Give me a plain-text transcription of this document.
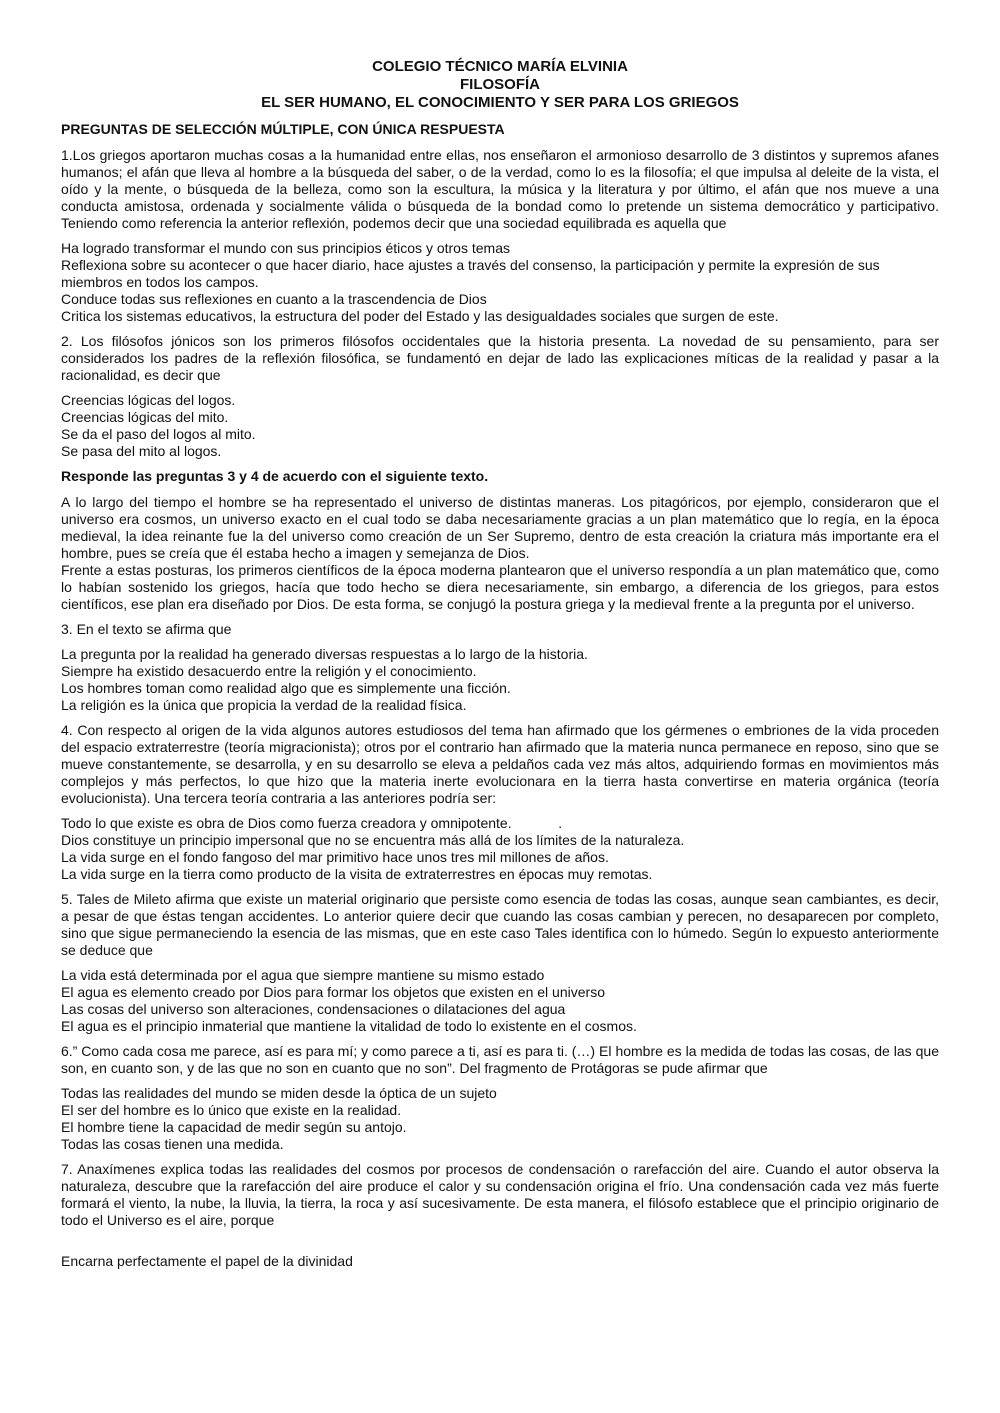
COLEGIO TÉCNICO MARÍA ELVINIA
FILOSOFÍA
EL SER HUMANO, EL CONOCIMIENTO Y SER PARA LOS GRIEGOS
PREGUNTAS DE SELECCIÓN MÚLTIPLE, CON ÚNICA RESPUESTA

1.Los griegos aportaron muchas cosas a la humanidad entre ellas, nos enseñaron el armonioso desarrollo de 3 distintos y supremos afanes humanos; el afán que lleva al hombre a la búsqueda del saber, o de la verdad, como lo es la filosofía; el que impulsa al deleite de la vista, el oído y la mente, o búsqueda de la belleza, como son la escultura, la música y la literatura y por último, el afán que nos mueve a una conducta amistosa, ordenada y socialmente válida o búsqueda de la bondad como lo pretende un sistema democrático y participativo. Teniendo como referencia la anterior reflexión, podemos decir que una sociedad equilibrada es aquella que

Ha logrado transformar el mundo con sus principios éticos y otros temas
Reflexiona sobre su acontecer o que hacer diario, hace ajustes a través del consenso, la participación y permite la expresión de sus miembros en todos los campos.
Conduce todas sus reflexiones en cuanto a la trascendencia de Dios
Critica los sistemas educativos, la estructura del poder del Estado y las desigualdades sociales que surgen de este.

2. Los filósofos jónicos son los primeros filósofos occidentales que la historia presenta. La novedad de su pensamiento, para ser considerados los padres de la reflexión filosófica, se fundamentó en dejar de lado las explicaciones míticas de la realidad y pasar a la racionalidad, es decir que

Creencias lógicas del logos.
Creencias lógicas del mito.
Se da el paso del logos al mito.
Se pasa del mito al logos.
Responde las preguntas 3 y 4 de acuerdo con el siguiente texto.

A lo largo del tiempo el hombre se ha representado el universo de distintas maneras. Los pitagóricos, por ejemplo, consideraron que el universo era cosmos, un universo exacto en el cual todo se daba necesariamente gracias a un plan matemático que lo regía, en la época medieval, la idea reinante fue la del universo como creación de un Ser Supremo, dentro de esta creación la criatura más importante era el hombre, pues se creía que él estaba hecho a imagen y semejanza de Dios.

Frente a estas posturas, los primeros científicos de la época moderna plantearon que el universo respondía a un plan matemático que, como lo habían sostenido los griegos, hacía que todo hecho se diera necesariamente, sin embargo, a diferencia de los griegos, para estos científicos, ese plan era diseñado por Dios. De esta forma, se conjugó la postura griega y la medieval frente a la pregunta por el universo.

3. En el texto se afirma que

La pregunta por la realidad ha generado diversas respuestas a lo largo de la historia.
Siempre ha existido desacuerdo entre la religión y el conocimiento.
Los hombres toman como realidad algo que es simplemente una ficción.
La religión es la única que propicia la verdad de la realidad física.

4. Con respecto al origen de la vida algunos autores estudiosos del tema han afirmado que los gérmenes o embriones de la vida proceden del espacio extraterrestre (teoría migracionista); otros por el contrario han afirmado que la materia nunca permanece en reposo, sino que se mueve constantemente, se desarrolla, y en su desarrollo se eleva a peldaños cada vez más altos, adquiriendo formas en movimientos más complejos y más perfectos, lo que hizo que la materia inerte evolucionara en la tierra hasta convertirse en materia orgánica (teoría evolucionista). Una tercera teoría contraria a las anteriores podría ser:

Todo lo que existe es obra de Dios como fuerza creadora y omnipotente.            .
Dios constituye un principio impersonal que no se encuentra más allá de los límites de la naturaleza.
La vida surge en el fondo fangoso del mar primitivo hace unos tres mil millones de años.
La vida surge en la tierra como producto de la visita de extraterrestres en épocas muy remotas.

5. Tales de Mileto afirma que existe un material originario que persiste como esencia de todas las cosas, aunque sean cambiantes, es decir, a pesar de que éstas tengan accidentes. Lo anterior quiere decir que cuando las cosas cambian y perecen, no desaparecen por completo, sino que sigue permaneciendo la esencia de las mismas, que en este caso Tales identifica con lo húmedo. Según lo expuesto anteriormente se deduce que

La vida está determinada por el agua que siempre mantiene su mismo estado
El agua es elemento creado por Dios para formar los objetos que existen en el universo
Las cosas del universo son alteraciones, condensaciones o dilataciones del agua
El agua es el principio inmaterial que mantiene la vitalidad de todo lo existente en el cosmos.

6.” Como cada cosa me parece, así es para mí; y como parece a ti, así es para ti. (…) El hombre es la medida de todas las cosas, de las que son, en cuanto son, y de las que no son en cuanto que no son”. Del fragmento de Protágoras se pude afirmar que

Todas las realidades del mundo se miden desde la óptica de un sujeto
El ser del hombre es lo único que existe en la realidad.
El hombre tiene la capacidad de medir según su antojo.
Todas las cosas tienen una medida.

7. Anaxímenes explica todas las realidades del cosmos por procesos de condensación o rarefacción del aire. Cuando el autor observa la naturaleza, descubre que la rarefacción del aire produce el calor y su condensación origina el frío. Una condensación cada vez más fuerte formará el viento, la nube, la lluvia, la tierra, la roca y así sucesivamente. De esta manera, el filósofo establece que el principio originario de todo el Universo es el aire, porque

Encarna perfectamente el papel de la divinidad
